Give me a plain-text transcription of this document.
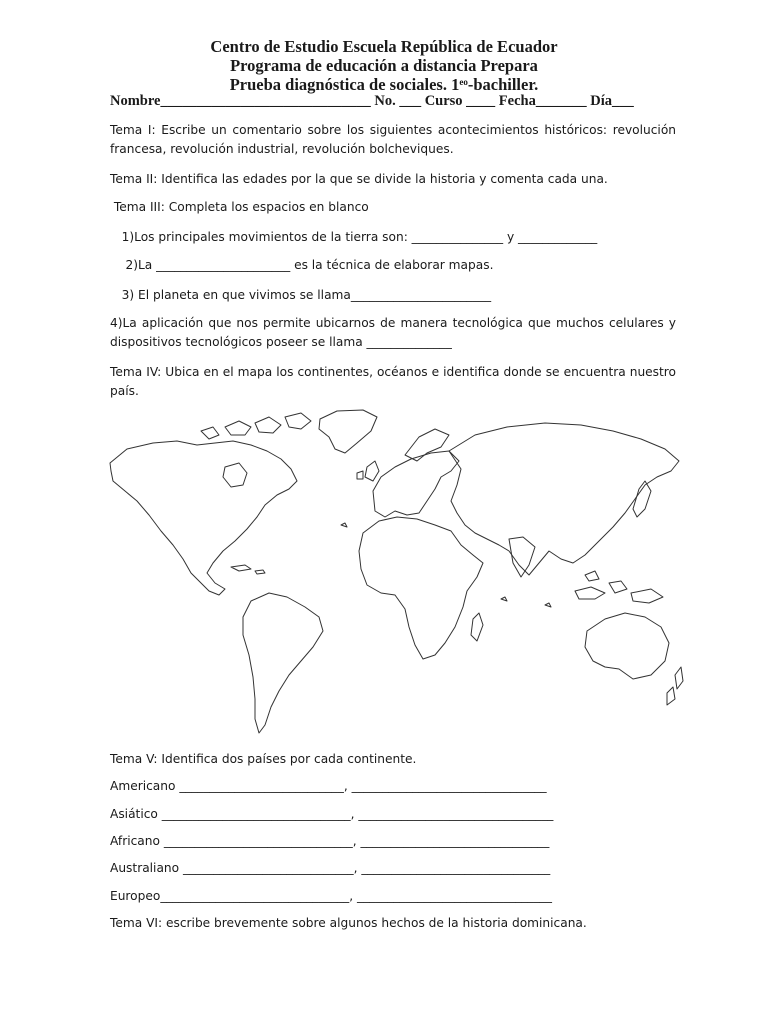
Centro de Estudio Escuela República de Ecuador
Programa de educación a distancia Prepara
Prueba diagnóstica de sociales. $1^{eo}$-bachiller.
Nombre_____________________________ No. ___ Curso ____ Fecha_______ Día___
Tema I: Escribe un comentario sobre los siguientes acontecimientos históricos: revolución francesa, revolución industrial, revolución bolcheviques.
Tema II: Identifica las edades por la que se divide la historia y comenta cada una.
Tema III: Completa los espacios en blanco
1)Los principales movimientos de la tierra son: _______________ y _____________
2)La ______________________ es la técnica de elaborar mapas.
3) El planeta en que vivimos se llama_______________________
4)La aplicación que nos permite ubicarnos de manera tecnológica que muchos celulares y dispositivos tecnológicos poseer se llama ______________
Tema IV: Ubica en el mapa los continentes, océanos e identifica donde se encuentra nuestro país.
Tema V: Identifica dos países por cada continente.
Americano ___________________________, ________________________________
Asiático _______________________________, ________________________________
Africano _______________________________, _______________________________
Australiano ____________________________, _______________________________
Europeo_______________________________, ________________________________
Tema VI: escribe brevemente sobre algunos hechos de la historia dominicana.
